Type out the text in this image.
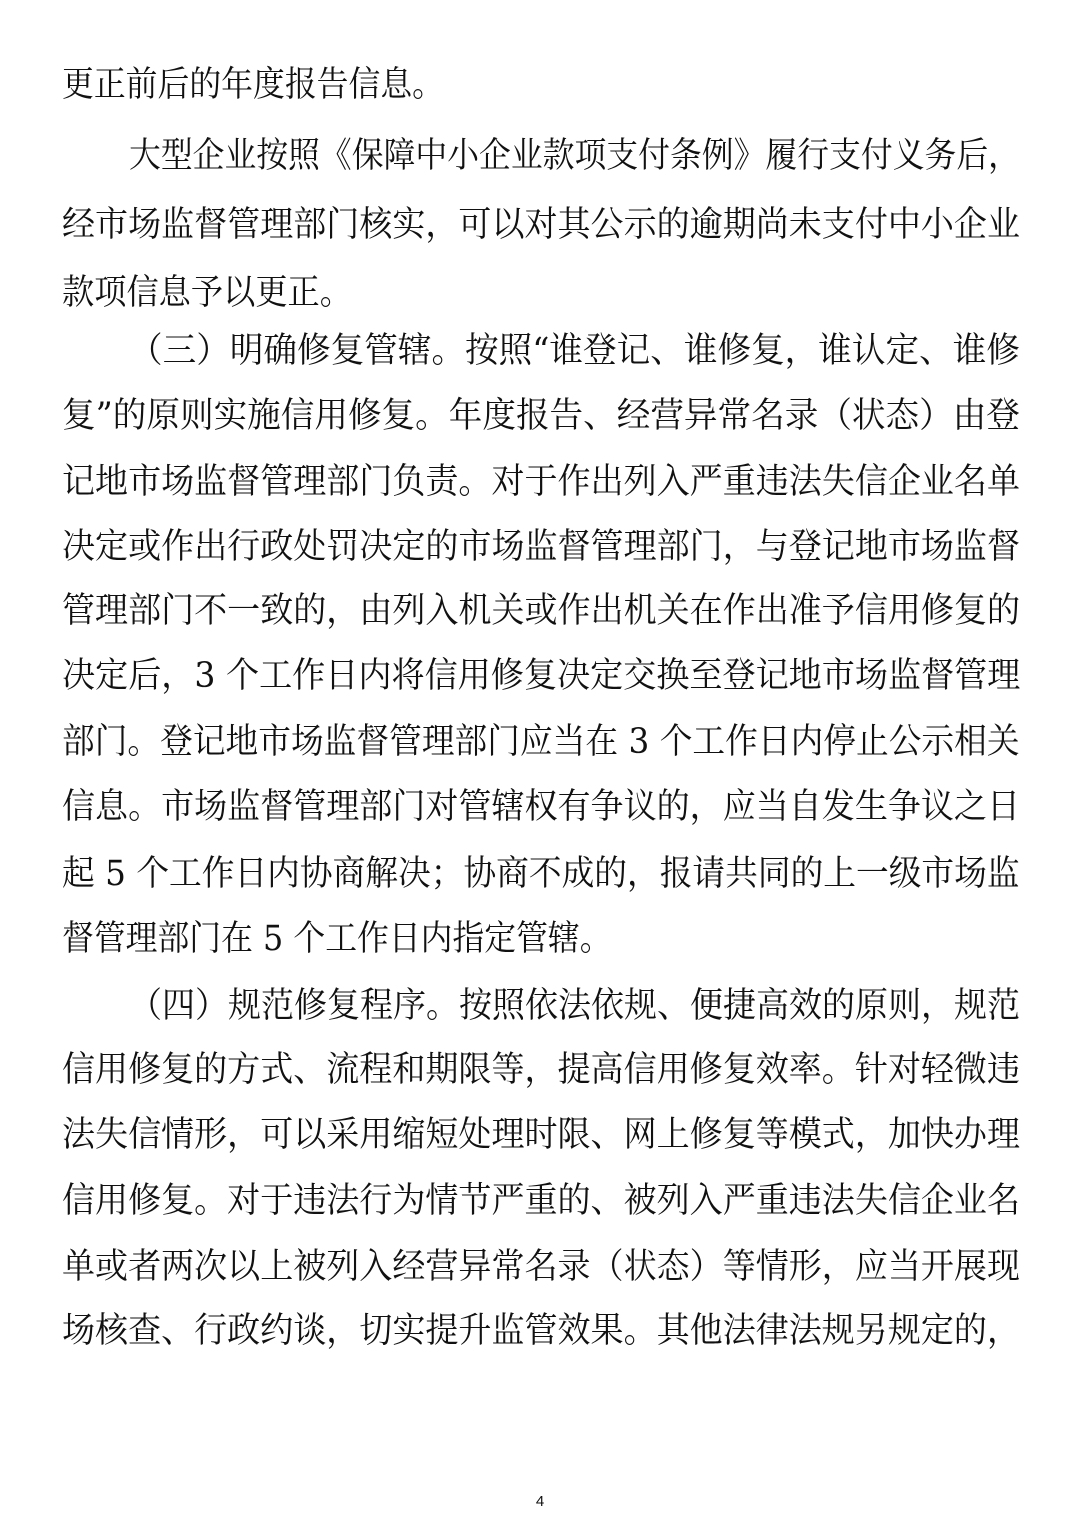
更正前后的年度报告信息。
大型企业按照《保障中小企业款项支付条例》履行支付义务后，
经市场监督管理部门核实，可以对其公示的逾期尚未支付中小企业
款项信息予以更正。
（三）明确修复管辖。按照“谁登记、谁修复，谁认定、谁修
复”的原则实施信用修复。年度报告、经营异常名录（状态）由登
记地市场监督管理部门负责。对于作出列入严重违法失信企业名单
决定或作出行政处罚决定的市场监督管理部门，与登记地市场监督
管理部门不一致的，由列入机关或作出机关在作出准予信用修复的
决定后，3 个工作日内将信用修复决定交换至登记地市场监督管理
部门。登记地市场监督管理部门应当在 3 个工作日内停止公示相关
信息。市场监督管理部门对管辖权有争议的，应当自发生争议之日
起 5 个工作日内协商解决；协商不成的，报请共同的上一级市场监
督管理部门在 5 个工作日内指定管辖。
（四）规范修复程序。按照依法依规、便捷高效的原则，规范
信用修复的方式、流程和期限等，提高信用修复效率。针对轻微违
法失信情形，可以采用缩短处理时限、网上修复等模式，加快办理
信用修复。对于违法行为情节严重的、被列入严重违法失信企业名
单或者两次以上被列入经营异常名录（状态）等情形，应当开展现
场核查、行政约谈，切实提升监管效果。其他法律法规另规定的，
4
